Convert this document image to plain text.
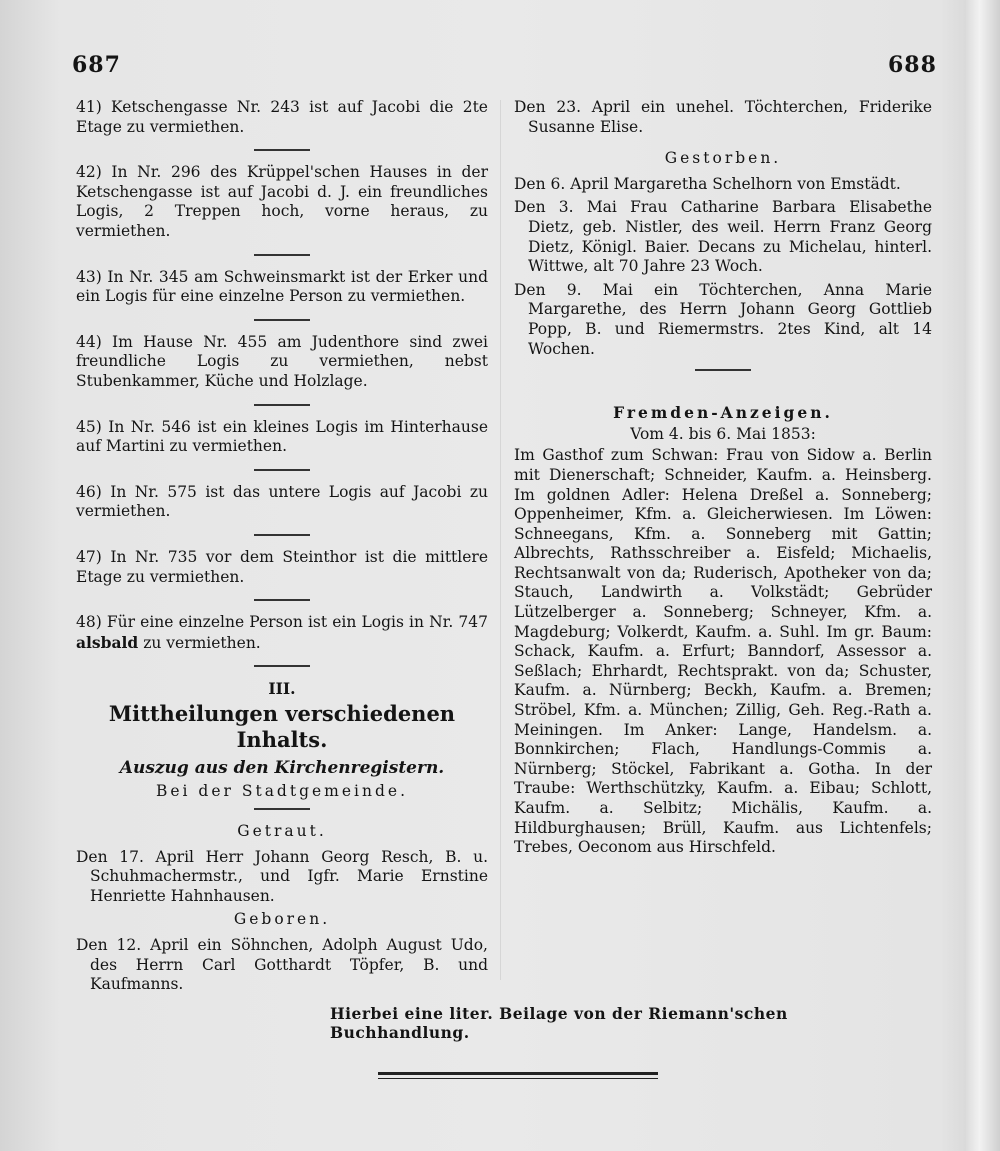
687	688

41) Ketschengasse Nr. 243 ist auf Jacobi die 2te Etage zu vermiethen.

42) In Nr. 296 des Krüppel'schen Hauses in der Ketschengasse ist auf Jacobi d. J. ein freundliches Logis, 2 Treppen hoch, vorne heraus, zu vermiethen.

43) In Nr. 345 am Schweinsmarkt ist der Erker und ein Logis für eine einzelne Person zu vermiethen.

44) Im Hause Nr. 455 am Judenthore sind zwei freundliche Logis zu vermiethen, nebst Stubenkammer, Küche und Holzlage.

45) In Nr. 546 ist ein kleines Logis im Hinterhause auf Martini zu vermiethen.

46) In Nr. 575 ist das untere Logis auf Jacobi zu vermiethen.

47) In Nr. 735 vor dem Steinthor ist die mittlere Etage zu vermiethen.

48) Für eine einzelne Person ist ein Logis in Nr. 747 alsbald zu vermiethen.

III.
Mittheilungen verschiedenen Inhalts.
Auszug aus den Kirchenregistern.
Bei der Stadtgemeinde.
Getraut.

Den 17. April Herr Johann Georg Resch, B. u. Schuhmachermstr., und Igfr. Marie Ernstine Henriette Hahnhausen.

Geboren.

Den 12. April ein Söhnchen, Adolph August Udo, des Herrn Carl Gotthardt Töpfer, B. und Kaufmanns.

Den 23. April ein unehel. Töchterchen, Friderike Susanne Elise.

Gestorben.

Den 6. April Margaretha Schelhorn von Emstädt.

Den 3. Mai Frau Catharine Barbara Elisabethe Dietz, geb. Nistler, des weil. Herrn Franz Georg Dietz, Königl. Baier. Decans zu Michelau, hinterl. Wittwe, alt 70 Jahre 23 Woch.

Den 9. Mai ein Töchterchen, Anna Marie Margarethe, des Herrn Johann Georg Gottlieb Popp, B. und Riemermstrs. 2tes Kind, alt 14 Wochen.

Fremden-Anzeigen.
Vom 4. bis 6. Mai 1853:

Im Gasthof zum Schwan: Frau von Sidow a. Berlin mit Dienerschaft; Schneider, Kaufm. a. Heinsberg. Im goldnen Adler: Helena Dreßel a. Sonneberg; Oppenheimer, Kfm. a. Gleicherwiesen. Im Löwen: Schneegans, Kfm. a. Sonneberg mit Gattin; Albrechts, Rathsschreiber a. Eisfeld; Michaelis, Rechtsanwalt von da; Ruderisch, Apotheker von da; Stauch, Landwirth a. Volkstädt; Gebrüder Lützelberger a. Sonneberg; Schneyer, Kfm. a. Magdeburg; Volkerdt, Kaufm. a. Suhl. Im gr. Baum: Schack, Kaufm. a. Erfurt; Banndorf, Assessor a. Seßlach; Ehrhardt, Rechtsprakt. von da; Schuster, Kaufm. a. Nürnberg; Beckh, Kaufm. a. Bremen; Ströbel, Kfm. a. München; Zillig, Geh. Reg.-Rath a. Meiningen. Im Anker: Lange, Handelsm. a. Bonnkirchen; Flach, Handlungs-Commis a. Nürnberg; Stöckel, Fabrikant a. Gotha. In der Traube: Werthschützky, Kaufm. a. Eibau; Schlott, Kaufm. a. Selbitz; Michälis, Kaufm. a. Hildburghausen; Brüll, Kaufm. aus Lichtenfels; Trebes, Oeconom aus Hirschfeld.

Hierbei eine liter. Beilage von der Riemann'schen Buchhandlung.
